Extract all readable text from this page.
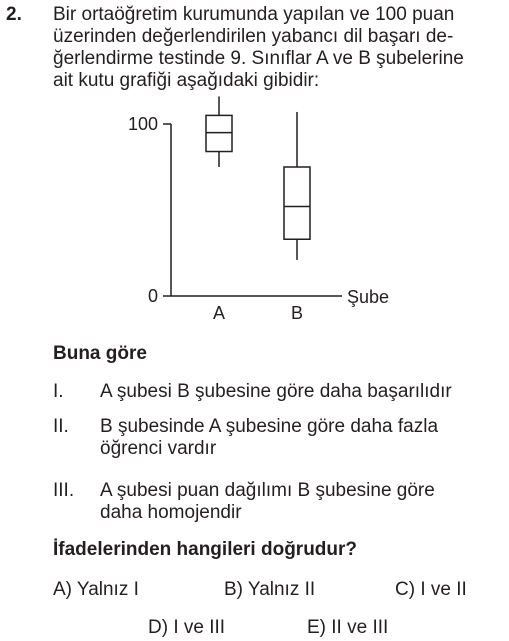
2. Bir ortaöğretim kurumunda yapılan ve 100 puan
üzerinden değerlendirilen yabancı dil başarı de-
ğerlendirme testinde 9. Sınıflar A ve B şubelerine
ait kutu grafiği aşağıdaki gibidir:
0
100
A	B
Şube
Buna göre
I. A şubesi B şubesine göre daha başarılıdır
II. B şubesinde A şubesine göre daha fazla
öğrenci vardır
III. A şubesi puan dağılımı B şubesine göre
daha homojendir
İfadelerinden hangileri doğrudur?
A) Yalnız I	B) Yalnız II	C) I ve II
D) I ve III	E) II ve III
